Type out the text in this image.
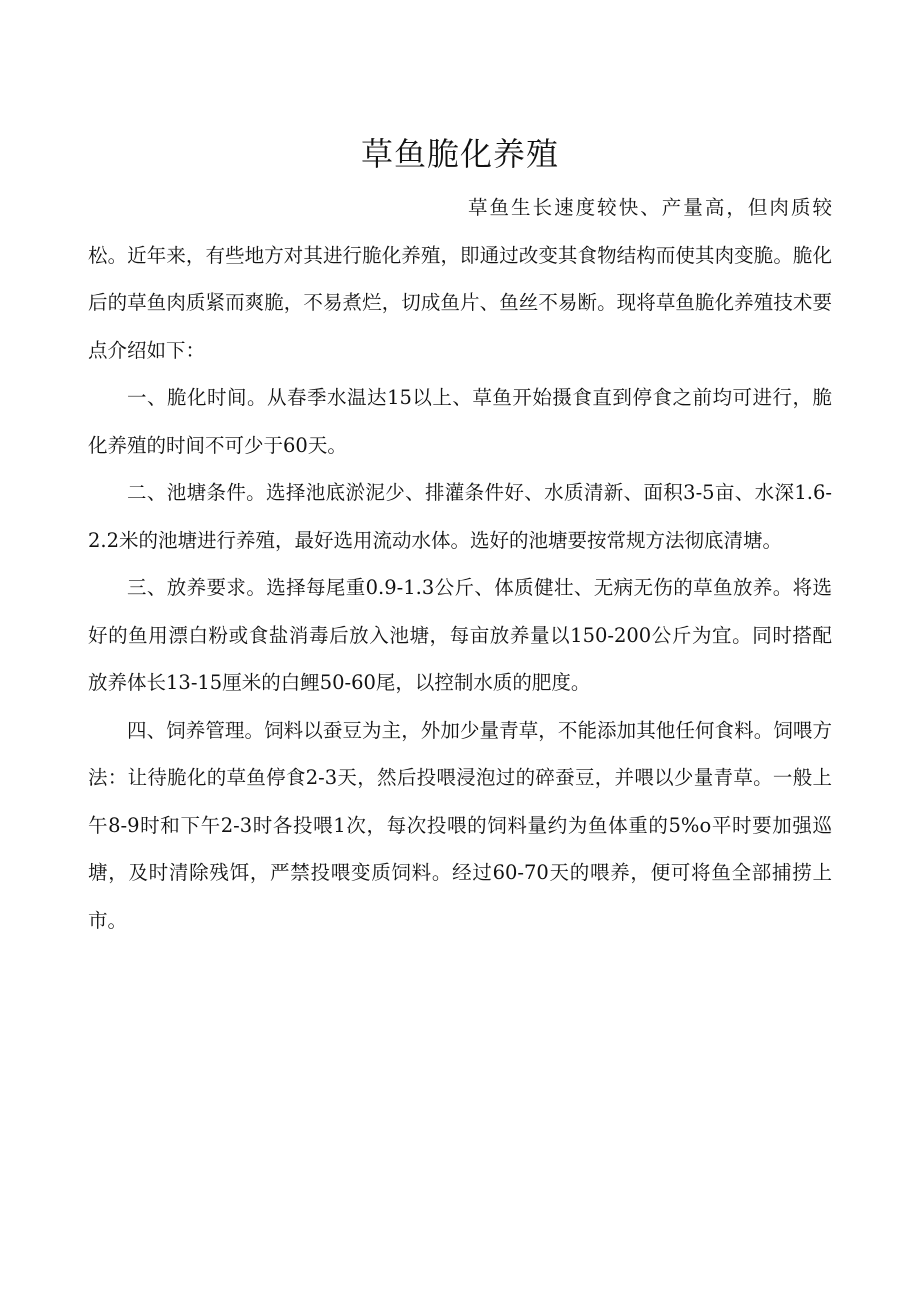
草鱼脆化养殖

草鱼生长速度较快、产量高，但肉质较松。近年来，有些地方对其进行脆化养殖，即通过改变其食物结构而使其肉变脆。脆化后的草鱼肉质紧而爽脆，不易煮烂，切成鱼片、鱼丝不易断。现将草鱼脆化养殖技术要点介绍如下：

一、脆化时间。从春季水温达15以上、草鱼开始摄食直到停食之前均可进行，脆化养殖的时间不可少于60天。

二、池塘条件。选择池底淤泥少、排灌条件好、水质清新、面积3-5亩、水深1.6-2.2米的池塘进行养殖，最好选用流动水体。选好的池塘要按常规方法彻底清塘。

三、放养要求。选择每尾重0.9-1.3公斤、体质健壮、无病无伤的草鱼放养。将选好的鱼用漂白粉或食盐消毒后放入池塘，每亩放养量以150-200公斤为宜。同时搭配放养体长13-15厘米的白鲤50-60尾，以控制水质的肥度。

四、饲养管理。饲料以蚕豆为主，外加少量青草，不能添加其他任何食料。饲喂方法：让待脆化的草鱼停食2-3天，然后投喂浸泡过的碎蚕豆，并喂以少量青草。一般上午8-9时和下午2-3时各投喂1次，每次投喂的饲料量约为鱼体重的5%o平时要加强巡塘，及时清除残饵，严禁投喂变质饲料。经过60-70天的喂养，便可将鱼全部捕捞上市。
